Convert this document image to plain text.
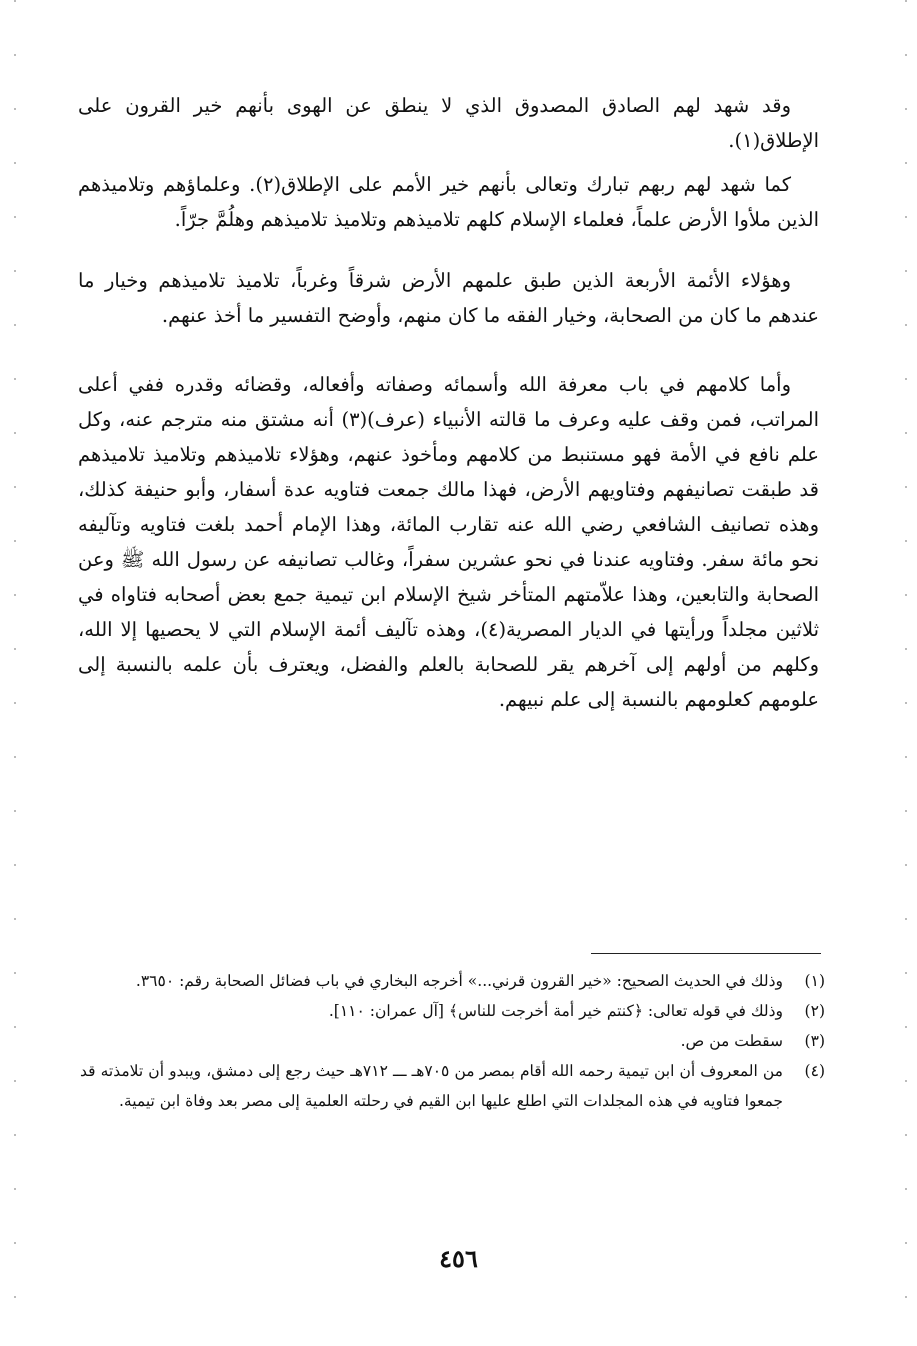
وقد شهد لهم الصادق المصدوق الذي لا ينطق عن الهوى بأنهم خير القرون على الإطلاق(١).

كما شهد لهم ربهم تبارك وتعالى بأنهم خير الأمم على الإطلاق(٢). وعلماؤهم وتلاميذهم الذين ملأوا الأرض علماً، فعلماء الإسلام كلهم تلاميذهم وتلاميذ تلاميذهم وهلُمَّ جرّاً.

وهؤلاء الأئمة الأربعة الذين طبق علمهم الأرض شرقاً وغرباً، تلاميذ تلاميذهم وخيار ما عندهم ما كان من الصحابة، وخيار الفقه ما كان منهم، وأوضح التفسير ما أخذ عنهم.

وأما كلامهم في باب معرفة الله وأسمائه وصفاته وأفعاله، وقضائه وقدره ففي أعلى المراتب، فمن وقف عليه وعرف ما قالته الأنبياء (عرف)(٣) أنه مشتق منه مترجم عنه، وكل علم نافع في الأمة فهو مستنبط من كلامهم ومأخوذ عنهم، وهؤلاء تلاميذهم وتلاميذ تلاميذهم قد طبقت تصانيفهم وفتاويهم الأرض، فهذا مالك جمعت فتاويه عدة أسفار، وأبو حنيفة كذلك، وهذه تصانيف الشافعي رضي الله عنه تقارب المائة، وهذا الإمام أحمد بلغت فتاويه وتآليفه نحو مائة سفر. وفتاويه عندنا في نحو عشرين سفراً، وغالب تصانيفه عن رسول الله ﷺ وعن الصحابة والتابعين، وهذا علاّمتهم المتأخر شيخ الإسلام ابن تيمية جمع بعض أصحابه فتاواه في ثلاثين مجلداً ورأيتها في الديار المصرية(٤)، وهذه تآليف أئمة الإسلام التي لا يحصيها إلا الله، وكلهم من أولهم إلى آخرهم يقر للصحابة بالعلم والفضل، ويعترف بأن علمه بالنسبة إلى علومهم كعلومهم بالنسبة إلى علم نبيهم.

(١)
وذلك في الحديث الصحيح: «خير القرون قرني...» أخرجه البخاري في باب فضائل الصحابة رقم: ٣٦٥٠.
(٢)
وذلك في قوله تعالى: ﴿كنتم خير أمة أخرجت للناس﴾ [آل عمران: ١١٠].
(٣)
سقطت من ص.
(٤)
من المعروف أن ابن تيمية رحمه الله أقام بمصر من ٧٠٥هـ ـــ ٧١٢هـ حيث رجع إلى دمشق، ويبدو أن تلامذته قد جمعوا فتاويه في هذه المجلدات التي اطلع عليها ابن القيم في رحلته العلمية إلى مصر بعد وفاة ابن تيمية.
٤٥٦
